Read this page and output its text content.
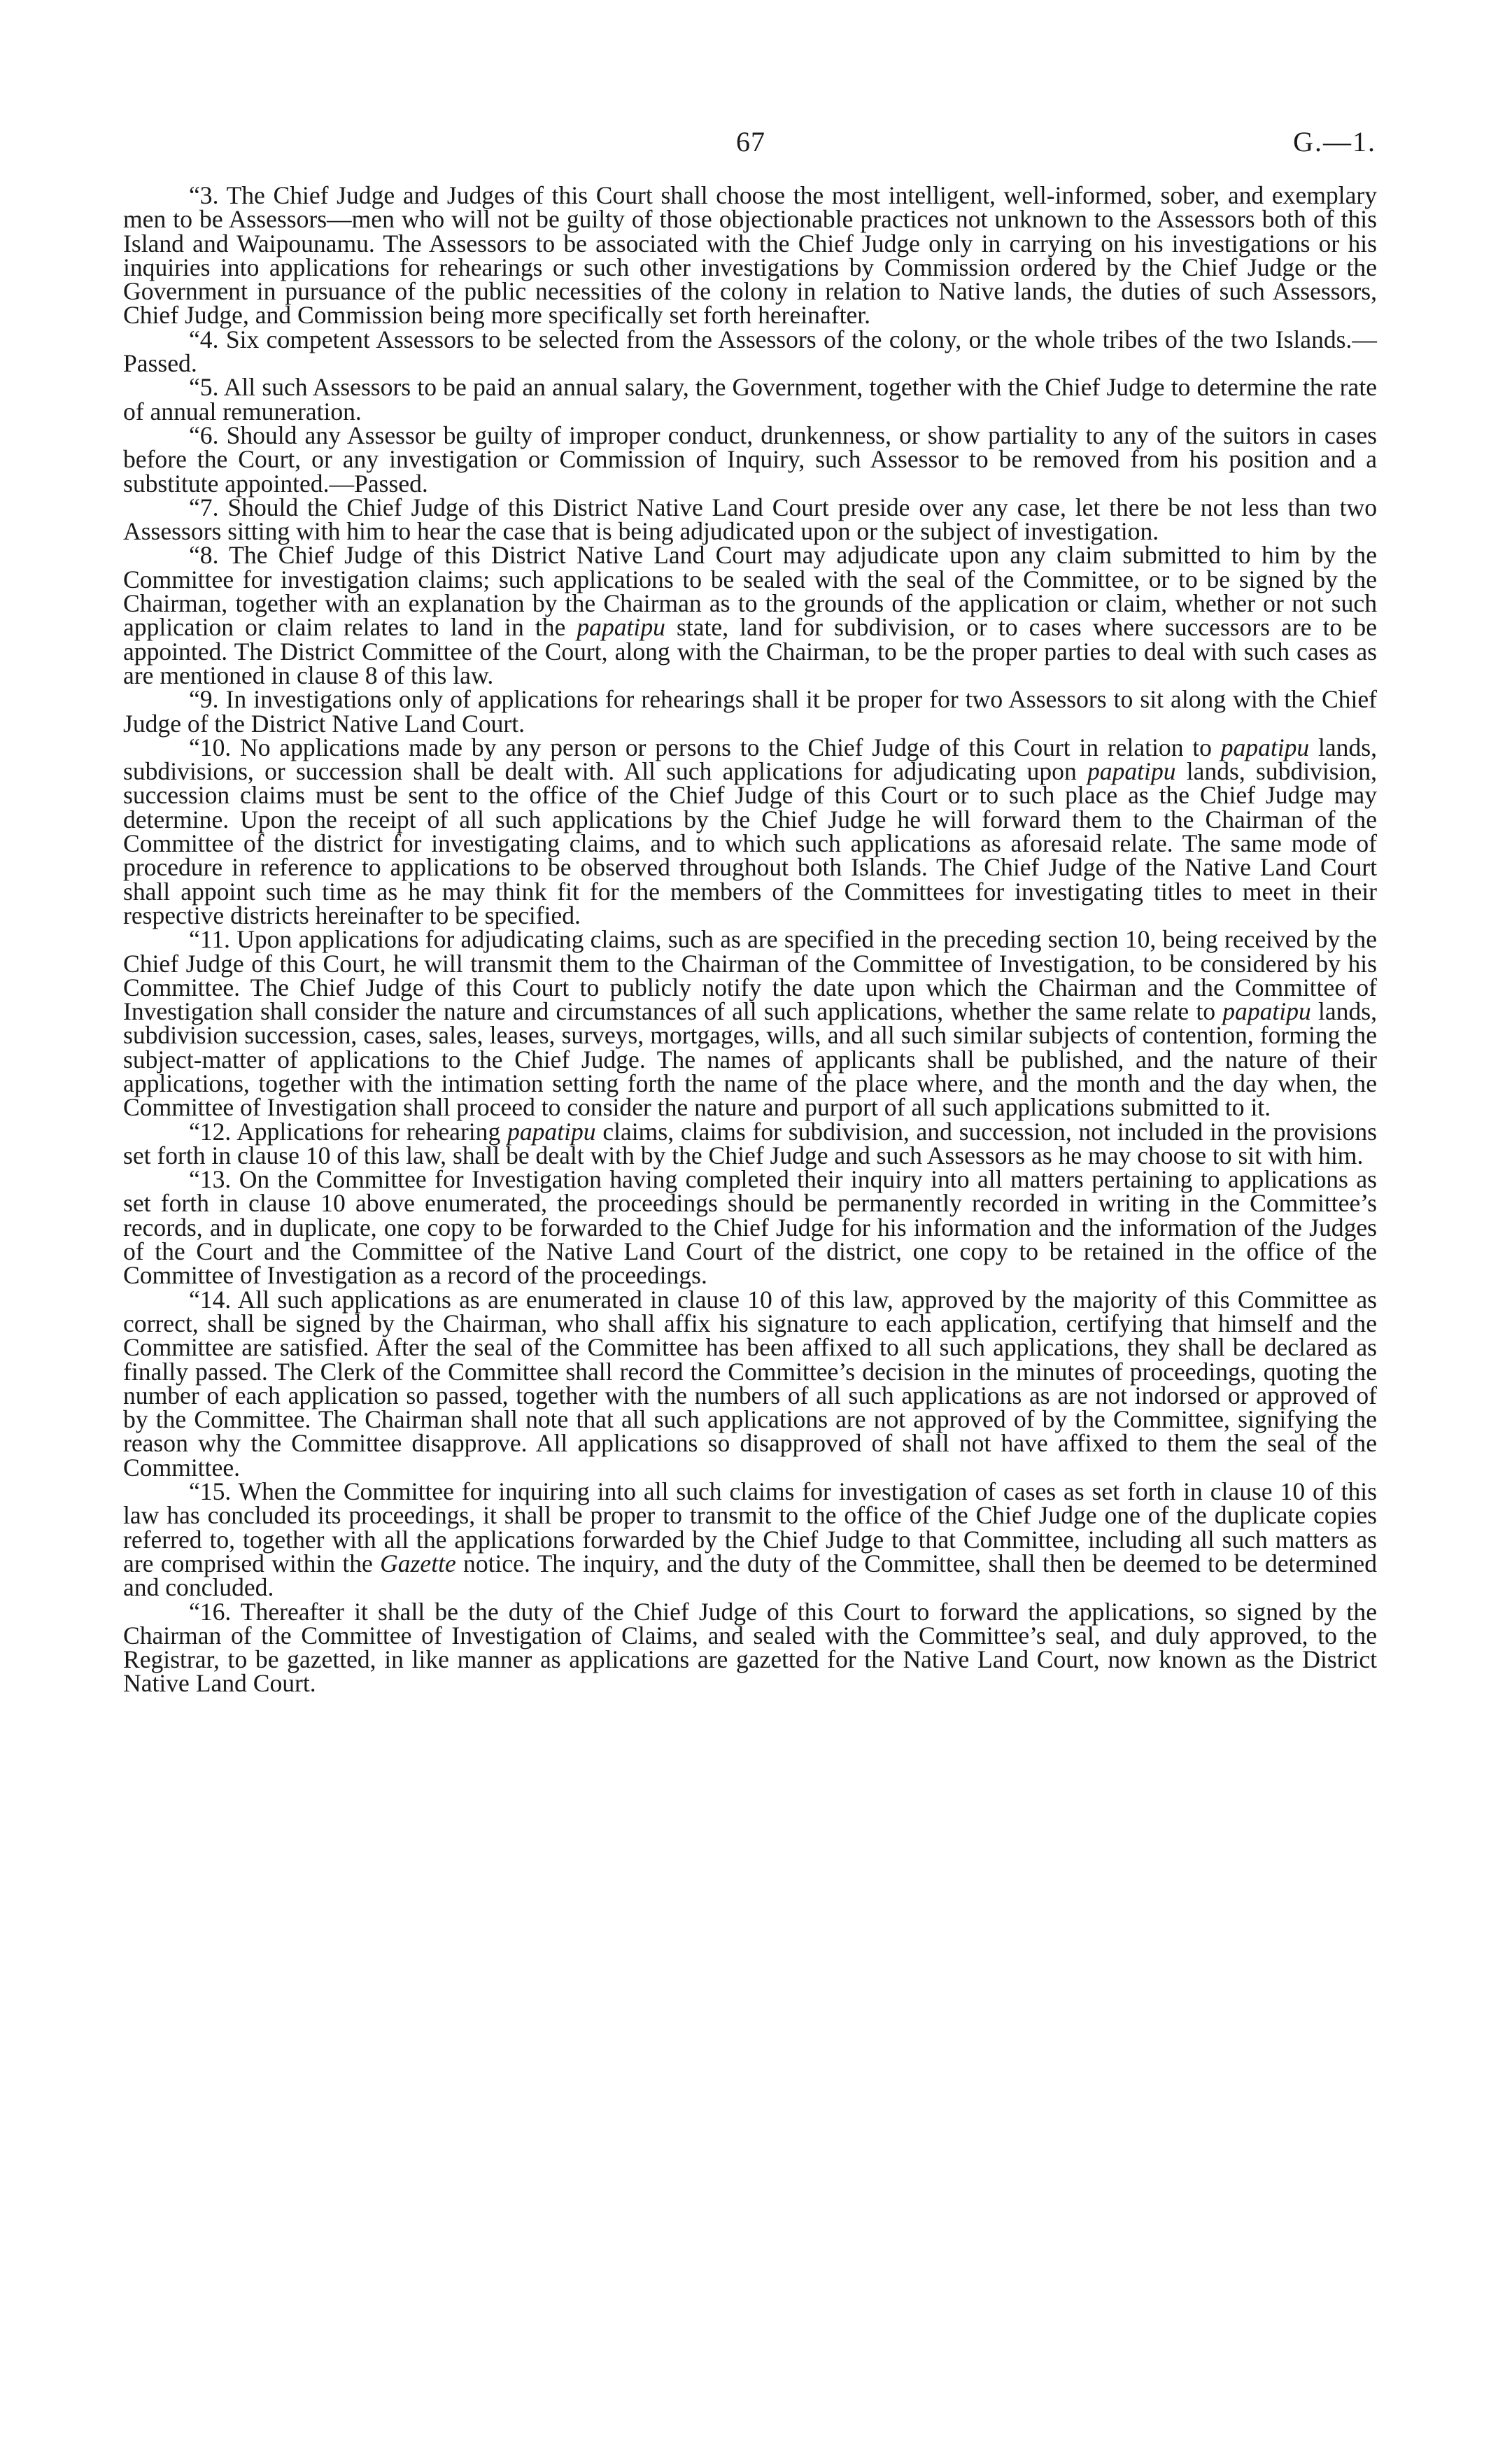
67	G.—1.

“3. The Chief Judge and Judges of this Court shall choose the most intelligent, well-informed, sober, and exemplary men to be Assessors—men who will not be guilty of those objectionable practices not unknown to the Assessors both of this Island and Waipounamu. The Assessors to be associated with the Chief Judge only in carrying on his investigations or his inquiries into applications for rehearings or such other investigations by Commission ordered by the Chief Judge or the Government in pursuance of the public necessities of the colony in relation to Native lands, the duties of such Assessors, Chief Judge, and Commission being more specifically set forth hereinafter.

“4. Six competent Assessors to be selected from the Assessors of the colony, or the whole tribes of the two Islands.—Passed.

“5. All such Assessors to be paid an annual salary, the Government, together with the Chief Judge to determine the rate of annual remuneration.

“6. Should any Assessor be guilty of improper conduct, drunkenness, or show partiality to any of the suitors in cases before the Court, or any investigation or Commission of Inquiry, such Assessor to be removed from his position and a substitute appointed.—Passed.

“7. Should the Chief Judge of this District Native Land Court preside over any case, let there be not less than two Assessors sitting with him to hear the case that is being adjudicated upon or the subject of investigation.

“8. The Chief Judge of this District Native Land Court may adjudicate upon any claim submitted to him by the Committee for investigation claims; such applications to be sealed with the seal of the Committee, or to be signed by the Chairman, together with an explanation by the Chairman as to the grounds of the application or claim, whether or not such application or claim relates to land in the papatipu state, land for subdivision, or to cases where successors are to be appointed. The District Committee of the Court, along with the Chairman, to be the proper parties to deal with such cases as are mentioned in clause 8 of this law.

“9. In investigations only of applications for rehearings shall it be proper for two Assessors to sit along with the Chief Judge of the District Native Land Court.

“10. No applications made by any person or persons to the Chief Judge of this Court in relation to papatipu lands, subdivisions, or succession shall be dealt with. All such applications for adjudicating upon papatipu lands, subdivision, succession claims must be sent to the office of the Chief Judge of this Court or to such place as the Chief Judge may determine. Upon the receipt of all such applications by the Chief Judge he will forward them to the Chairman of the Committee of the district for investigating claims, and to which such applications as aforesaid relate. The same mode of procedure in reference to applications to be observed throughout both Islands. The Chief Judge of the Native Land Court shall appoint such time as he may think fit for the members of the Committees for investigating titles to meet in their respective districts hereinafter to be specified.

“11. Upon applications for adjudicating claims, such as are specified in the preceding section 10, being received by the Chief Judge of this Court, he will transmit them to the Chairman of the Committee of Investigation, to be considered by his Committee. The Chief Judge of this Court to publicly notify the date upon which the Chairman and the Committee of Investigation shall consider the nature and circumstances of all such applications, whether the same relate to papatipu lands, subdivision succession, cases, sales, leases, surveys, mortgages, wills, and all such similar subjects of contention, forming the subject-matter of applications to the Chief Judge. The names of applicants shall be published, and the nature of their applications, together with the intimation setting forth the name of the place where, and the month and the day when, the Committee of Investigation shall proceed to consider the nature and purport of all such applications submitted to it.

“12. Applications for rehearing papatipu claims, claims for subdivision, and succession, not included in the provisions set forth in clause 10 of this law, shall be dealt with by the Chief Judge and such Assessors as he may choose to sit with him.

“13. On the Committee for Investigation having completed their inquiry into all matters pertaining to applications as set forth in clause 10 above enumerated, the proceedings should be permanently recorded in writing in the Committee’s records, and in duplicate, one copy to be forwarded to the Chief Judge for his information and the information of the Judges of the Court and the Committee of the Native Land Court of the district, one copy to be retained in the office of the Committee of Investigation as a record of the proceedings.

“14. All such applications as are enumerated in clause 10 of this law, approved by the majority of this Committee as correct, shall be signed by the Chairman, who shall affix his signature to each application, certifying that himself and the Committee are satisfied. After the seal of the Committee has been affixed to all such applications, they shall be declared as finally passed. The Clerk of the Committee shall record the Committee’s decision in the minutes of proceedings, quoting the number of each application so passed, together with the numbers of all such applications as are not indorsed or approved of by the Committee. The Chairman shall note that all such applications are not approved of by the Committee, signifying the reason why the Committee disapprove. All applications so disapproved of shall not have affixed to them the seal of the Committee.

“15. When the Committee for inquiring into all such claims for investigation of cases as set forth in clause 10 of this law has concluded its proceedings, it shall be proper to transmit to the office of the Chief Judge one of the duplicate copies referred to, together with all the applications forwarded by the Chief Judge to that Committee, including all such matters as are comprised within the Gazette notice. The inquiry, and the duty of the Committee, shall then be deemed to be determined and concluded.

“16. Thereafter it shall be the duty of the Chief Judge of this Court to forward the applications, so signed by the Chairman of the Committee of Investigation of Claims, and sealed with the Committee’s seal, and duly approved, to the Registrar, to be gazetted, in like manner as applications are gazetted for the Native Land Court, now known as the District Native Land Court.
